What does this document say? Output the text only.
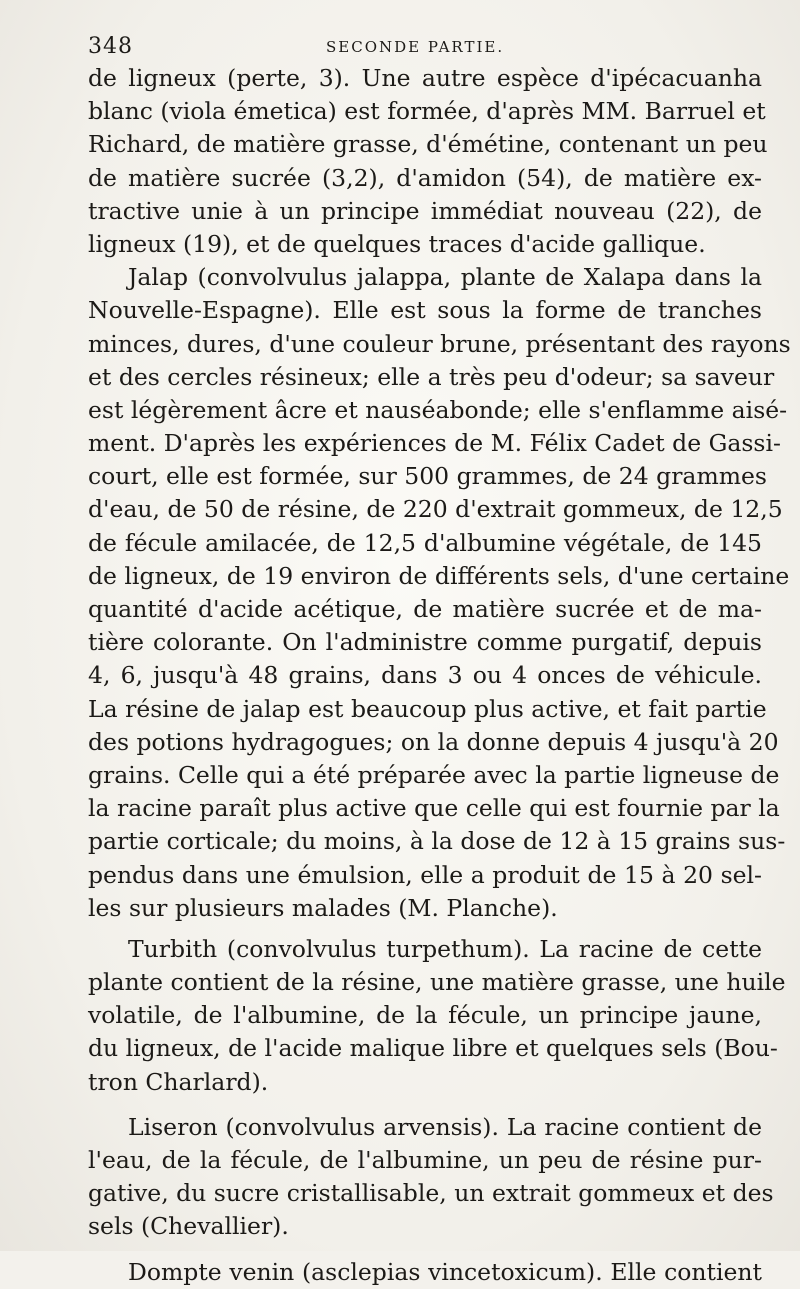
348	SECONDE PARTIE.
de ligneux (perte, 3). Une autre espèce d'ipécacuanha
blanc (viola émetica) est formée, d'après MM. Barruel et
Richard, de matière grasse, d'émétine, contenant un peu
de matière sucrée (3,2), d'amidon (54), de matière ex-
tractive unie à un principe immédiat nouveau (22), de
ligneux (19), et de quelques traces d'acide gallique.
Jalap (convolvulus jalappa, plante de Xalapa dans la
Nouvelle-Espagne). Elle est sous la forme de tranches
minces, dures, d'une couleur brune, présentant des rayons
et des cercles résineux; elle a très peu d'odeur; sa saveur
est légèrement âcre et nauséabonde; elle s'enflamme aisé-
ment. D'après les expériences de M. Félix Cadet de Gassi-
court, elle est formée, sur 500 grammes, de 24 grammes
d'eau, de 50 de résine, de 220 d'extrait gommeux, de 12,5
de fécule amilacée, de 12,5 d'albumine végétale, de 145
de ligneux, de 19 environ de différents sels, d'une certaine
quantité d'acide acétique, de matière sucrée et de ma-
tière colorante. On l'administre comme purgatif, depuis
4, 6, jusqu'à 48 grains, dans 3 ou 4 onces de véhicule.
La résine de jalap est beaucoup plus active, et fait partie
des potions hydragogues; on la donne depuis 4 jusqu'à 20
grains. Celle qui a été préparée avec la partie ligneuse de
la racine paraît plus active que celle qui est fournie par la
partie corticale; du moins, à la dose de 12 à 15 grains sus-
pendus dans une émulsion, elle a produit de 15 à 20 sel-
les sur plusieurs malades (M. Planche).
Turbith (convolvulus turpethum). La racine de cette
plante contient de la résine, une matière grasse, une huile
volatile, de l'albumine, de la fécule, un principe jaune,
du ligneux, de l'acide malique libre et quelques sels (Bou-
tron Charlard).
Liseron (convolvulus arvensis). La racine contient de
l'eau, de la fécule, de l'albumine, un peu de résine pur-
gative, du sucre cristallisable, un extrait gommeux et des
sels (Chevallier).
Dompte venin (asclepias vincetoxicum). Elle contient
